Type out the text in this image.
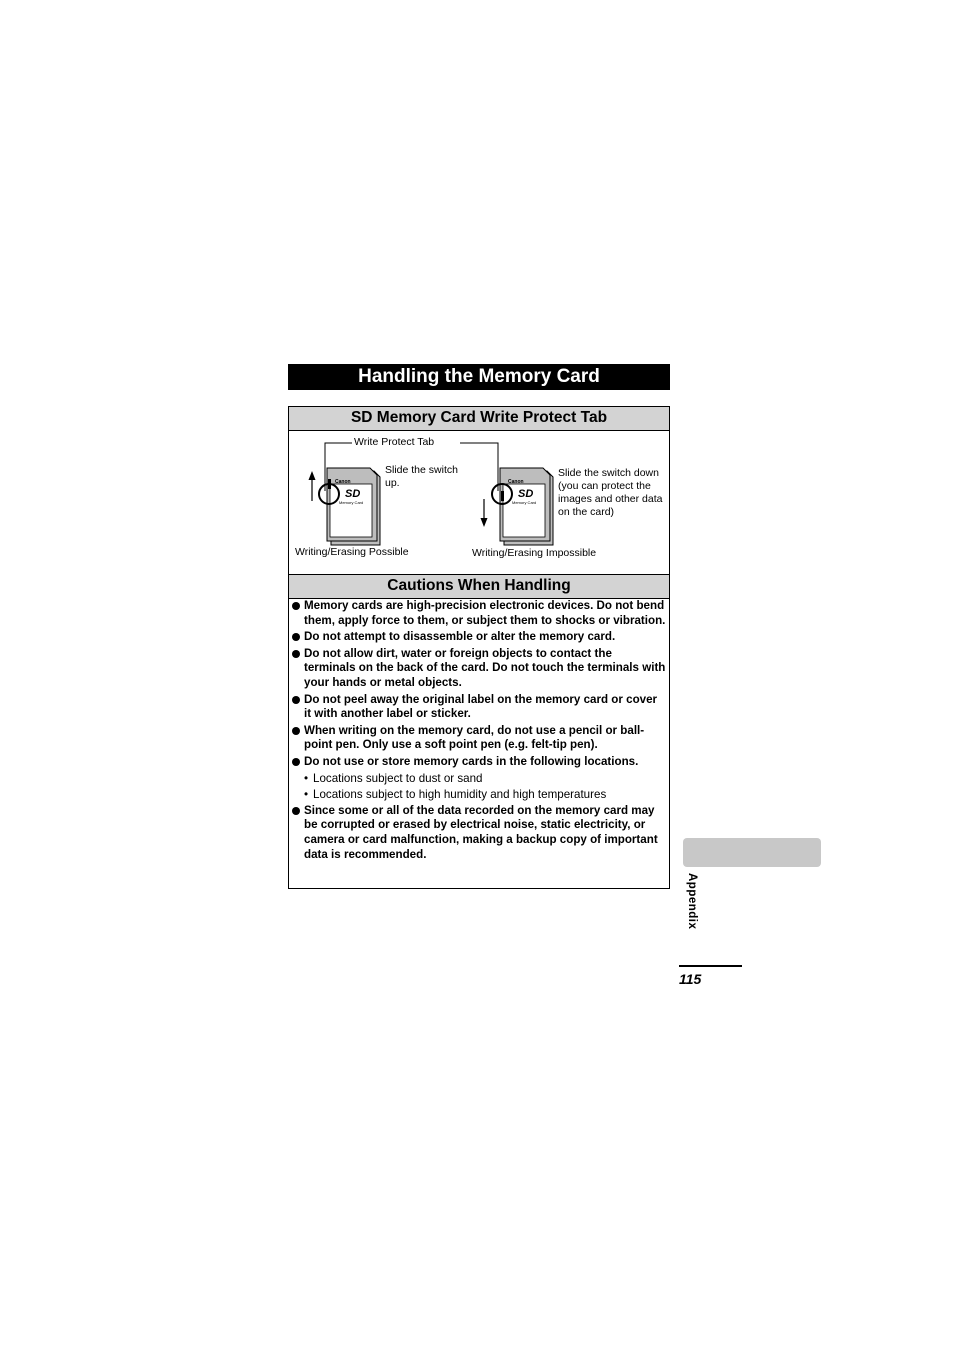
Handling the Memory Card
SD Memory Card Write Protect Tab
Canon
SD
Memory Card
Canon
SD
Memory Card
Write Protect Tab
Slide the switch up.
Writing/Erasing Possible
Slide the switch down (you can protect the images and other data on the card)
Writing/Erasing Impossible
Cautions When Handling
Memory cards are high-precision electronic devices. Do not bend them, apply force to them, or subject them to shocks or vibration.
Do not attempt to disassemble or alter the memory card.
Do not allow dirt, water or foreign objects to contact the terminals on the back of the card. Do not touch the terminals with your hands or metal objects.
Do not peel away the original label on the memory card or cover it with another label or sticker.
When writing on the memory card, do not use a pencil or ball-point pen. Only use a soft point pen (e.g. felt-tip pen).
Do not use or store memory cards in the following locations.
• Locations subject to dust or sand
• Locations subject to high humidity and high temperatures
Since some or all of the data recorded on the memory card may be corrupted or erased by electrical noise, static electricity, or camera or card malfunction, making a backup copy of important data is recommended.
Appendix
115
